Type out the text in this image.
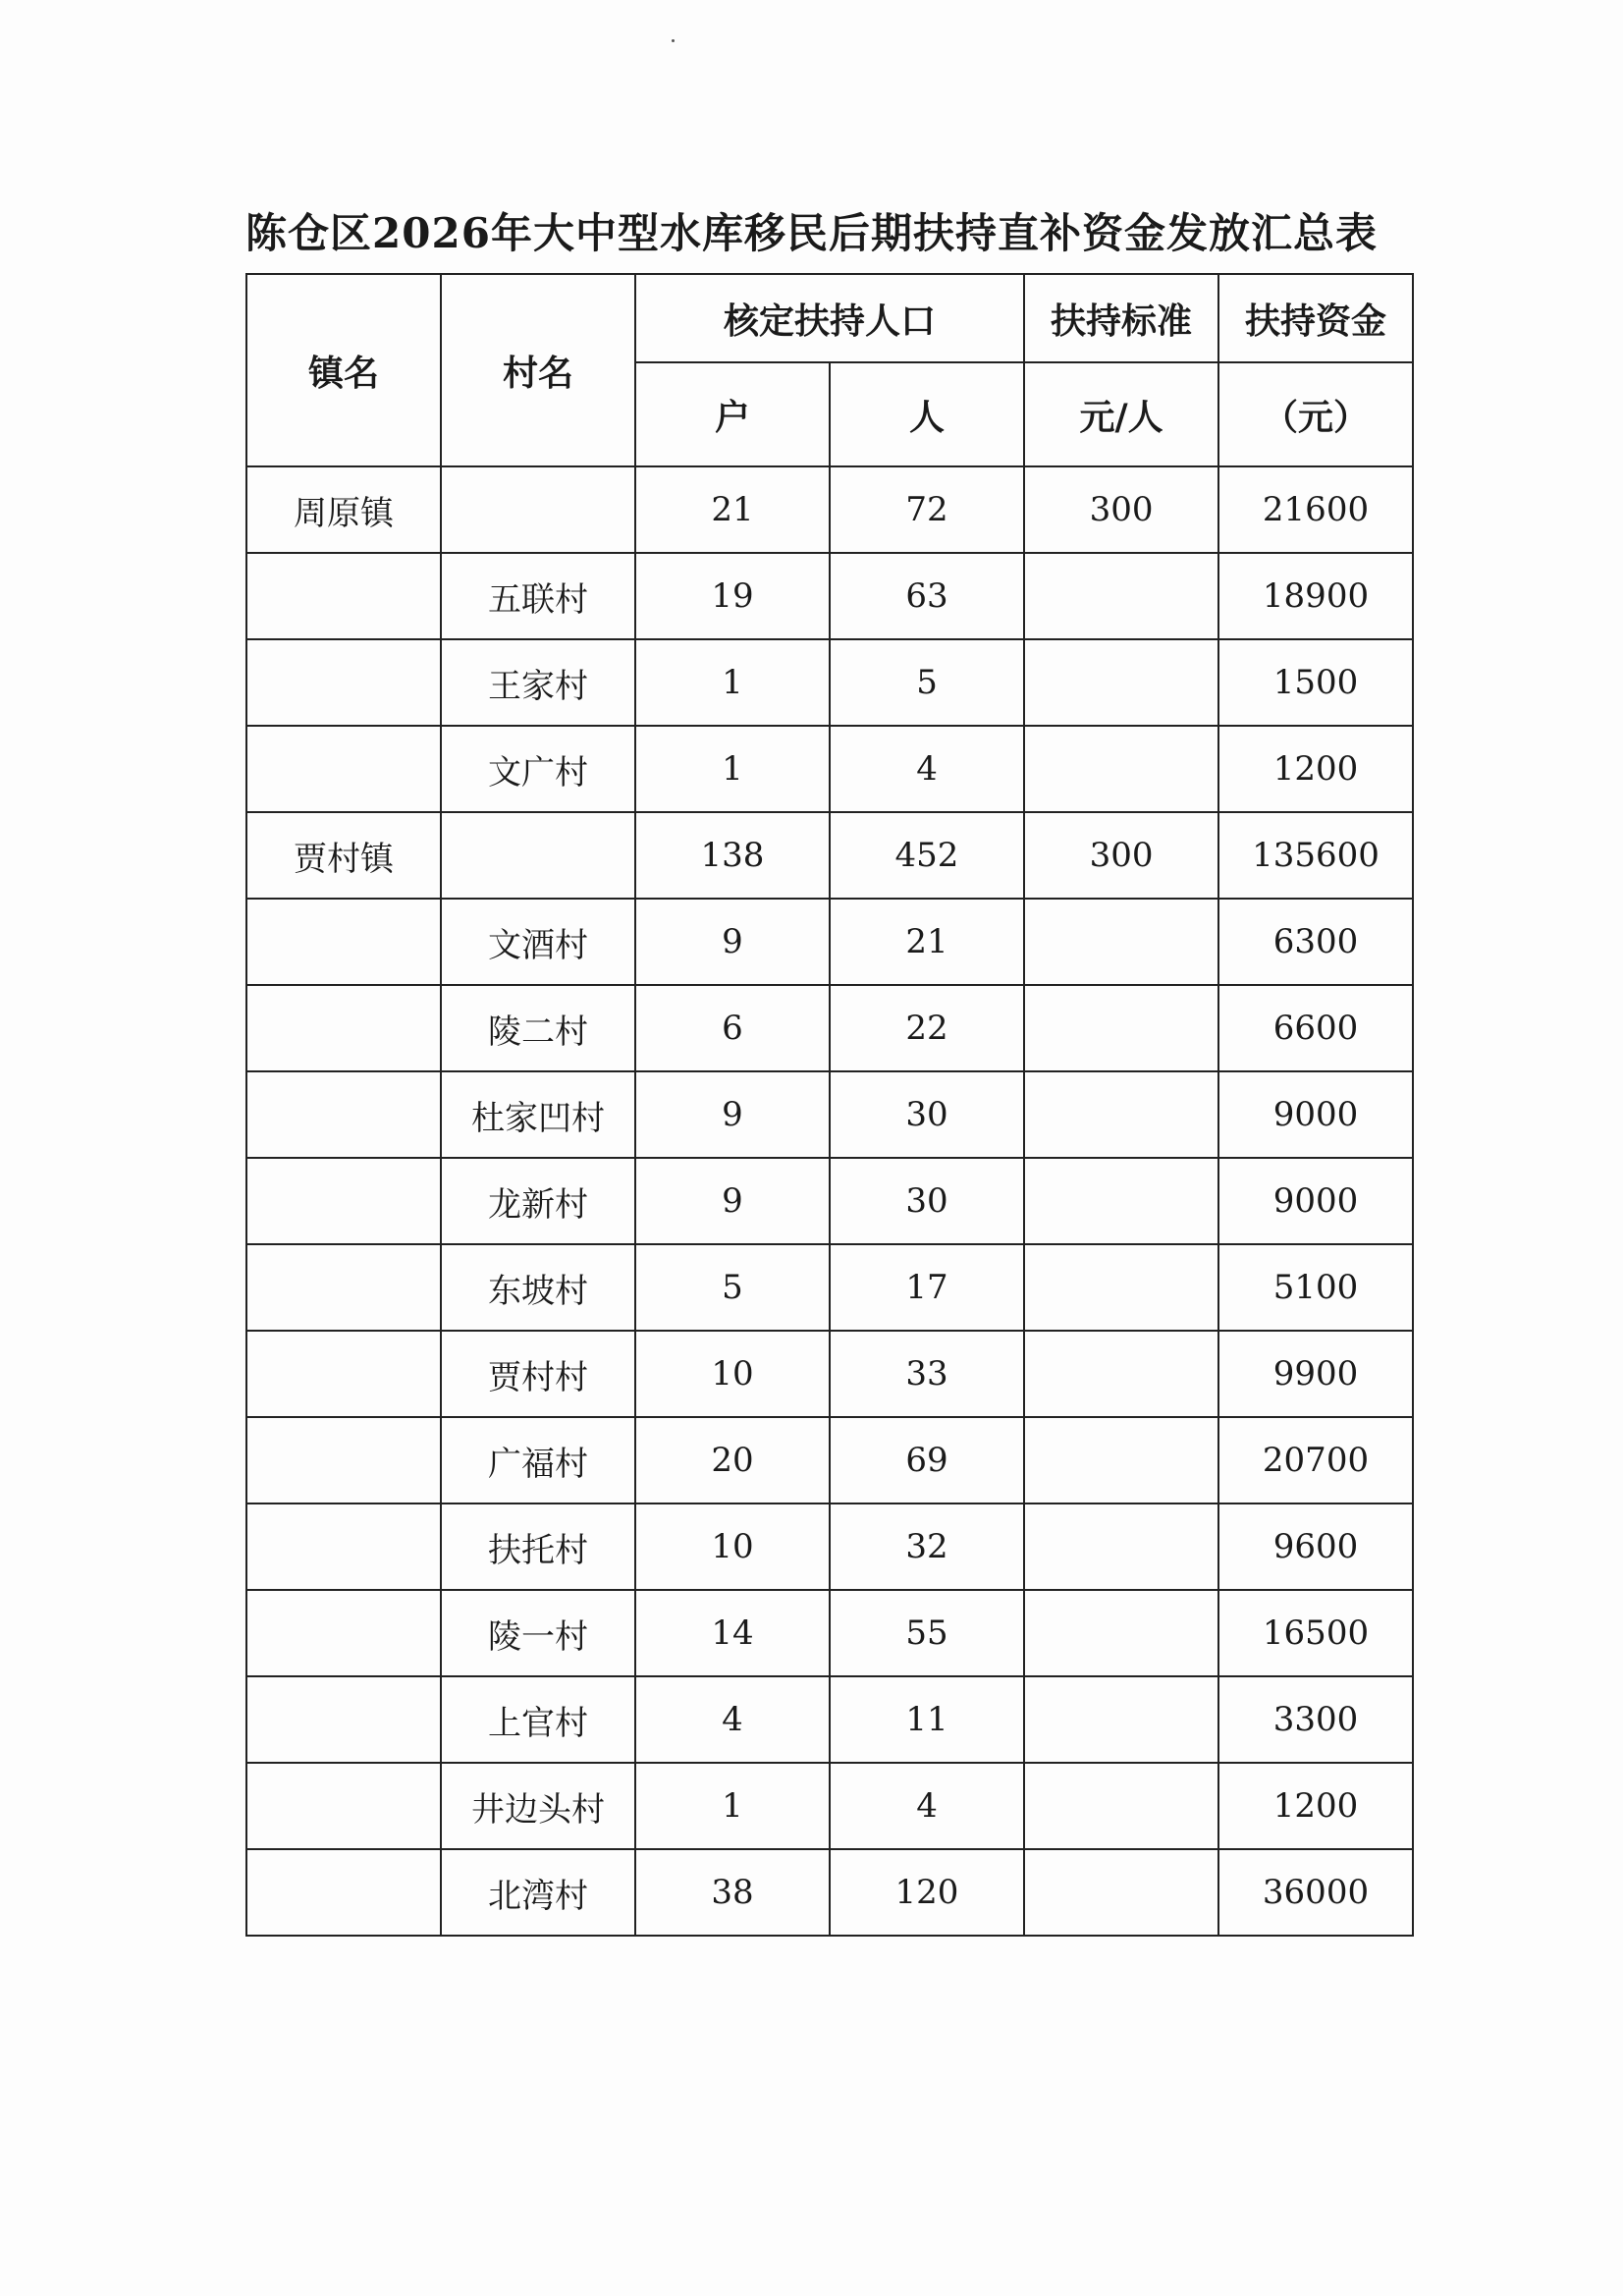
陈仓区2026年大中型水库移民后期扶持直补资金发放汇总表
镇名	村名	核定扶持人口		扶持标准	扶持资金
		户	人	元/人	（元）
周原镇		21	72	300	21600
	五联村	19	63		18900
	王家村	1	5		1500
	文广村	1	4		1200
贾村镇		138	452	300	135600
	文酒村	9	21		6300
	陵二村	6	22		6600
	杜家凹村	9	30		9000
	龙新村	9	30		9000
	东坡村	5	17		5100
	贾村村	10	33		9900
	广福村	20	69		20700
	扶托村	10	32		9600
	陵一村	14	55		16500
	上官村	4	11		3300
	井边头村	1	4		1200
	北湾村	38	120		36000
